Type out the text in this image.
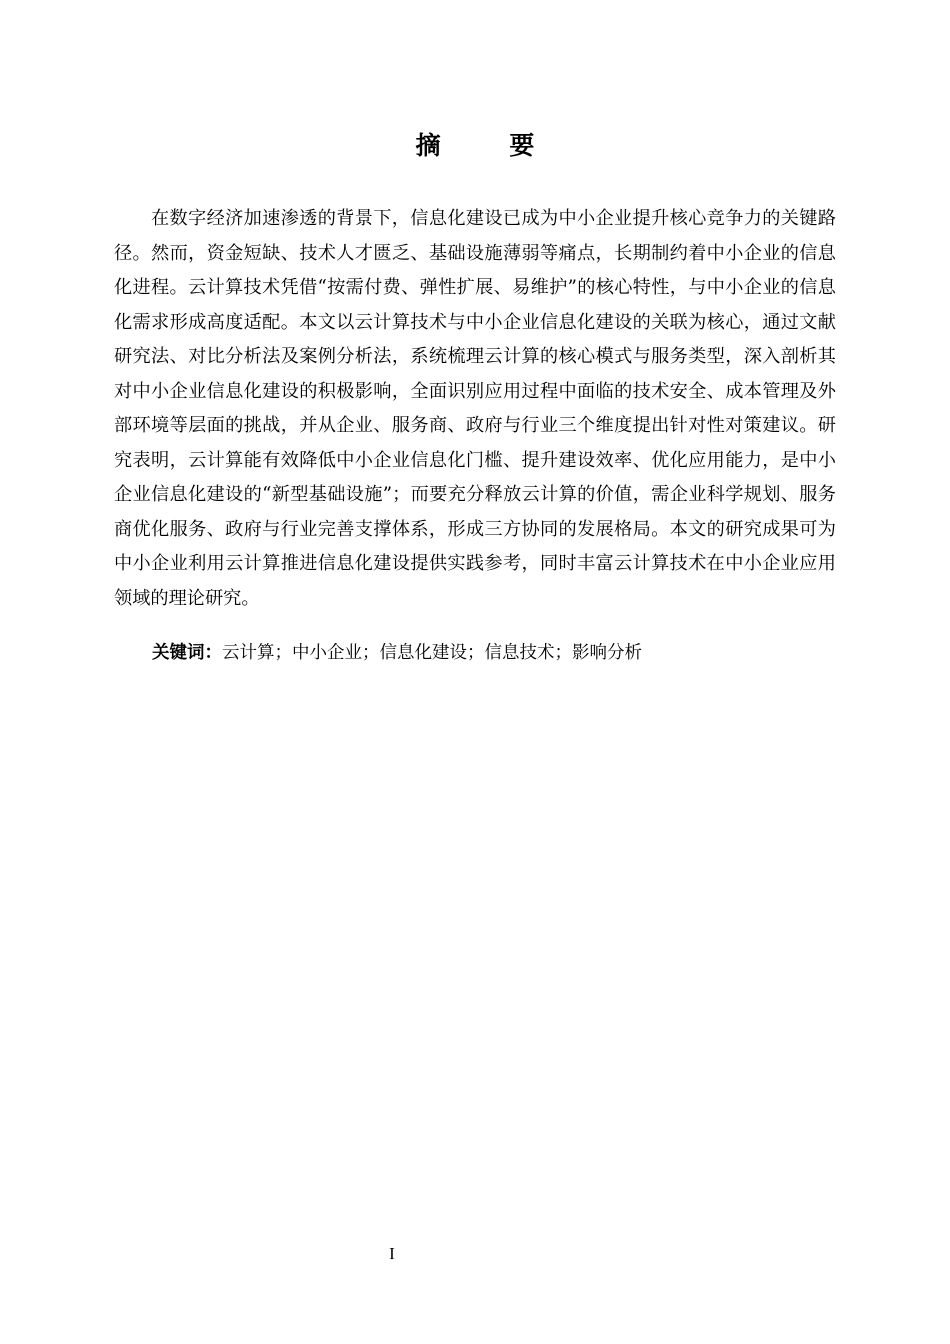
摘 要

在数字经济加速渗透的背景下，信息化建设已成为中小企业提升核心竞争力的关键路径。然而，资金短缺、技术人才匮乏、基础设施薄弱等痛点，长期制约着中小企业的信息化进程。云计算技术凭借“按需付费、弹性扩展、易维护”的核心特性，与中小企业的信息化需求形成高度适配。本文以云计算技术与中小企业信息化建设的关联为核心，通过文献研究法、对比分析法及案例分析法，系统梳理云计算的核心模式与服务类型，深入剖析其对中小企业信息化建设的积极影响，全面识别应用过程中面临的技术安全、成本管理及外部环境等层面的挑战，并从企业、服务商、政府与行业三个维度提出针对性对策建议。研究表明，云计算能有效降低中小企业信息化门槛、提升建设效率、优化应用能力，是中小企业信息化建设的“新型基础设施”；而要充分释放云计算的价值，需企业科学规划、服务商优化服务、政府与行业完善支撑体系，形成三方协同的发展格局。本文的研究成果可为中小企业利用云计算推进信息化建设提供实践参考，同时丰富云计算技术在中小企业应用领域的理论研究。

关键词：云计算；中小企业；信息化建设；信息技术；影响分析
I
